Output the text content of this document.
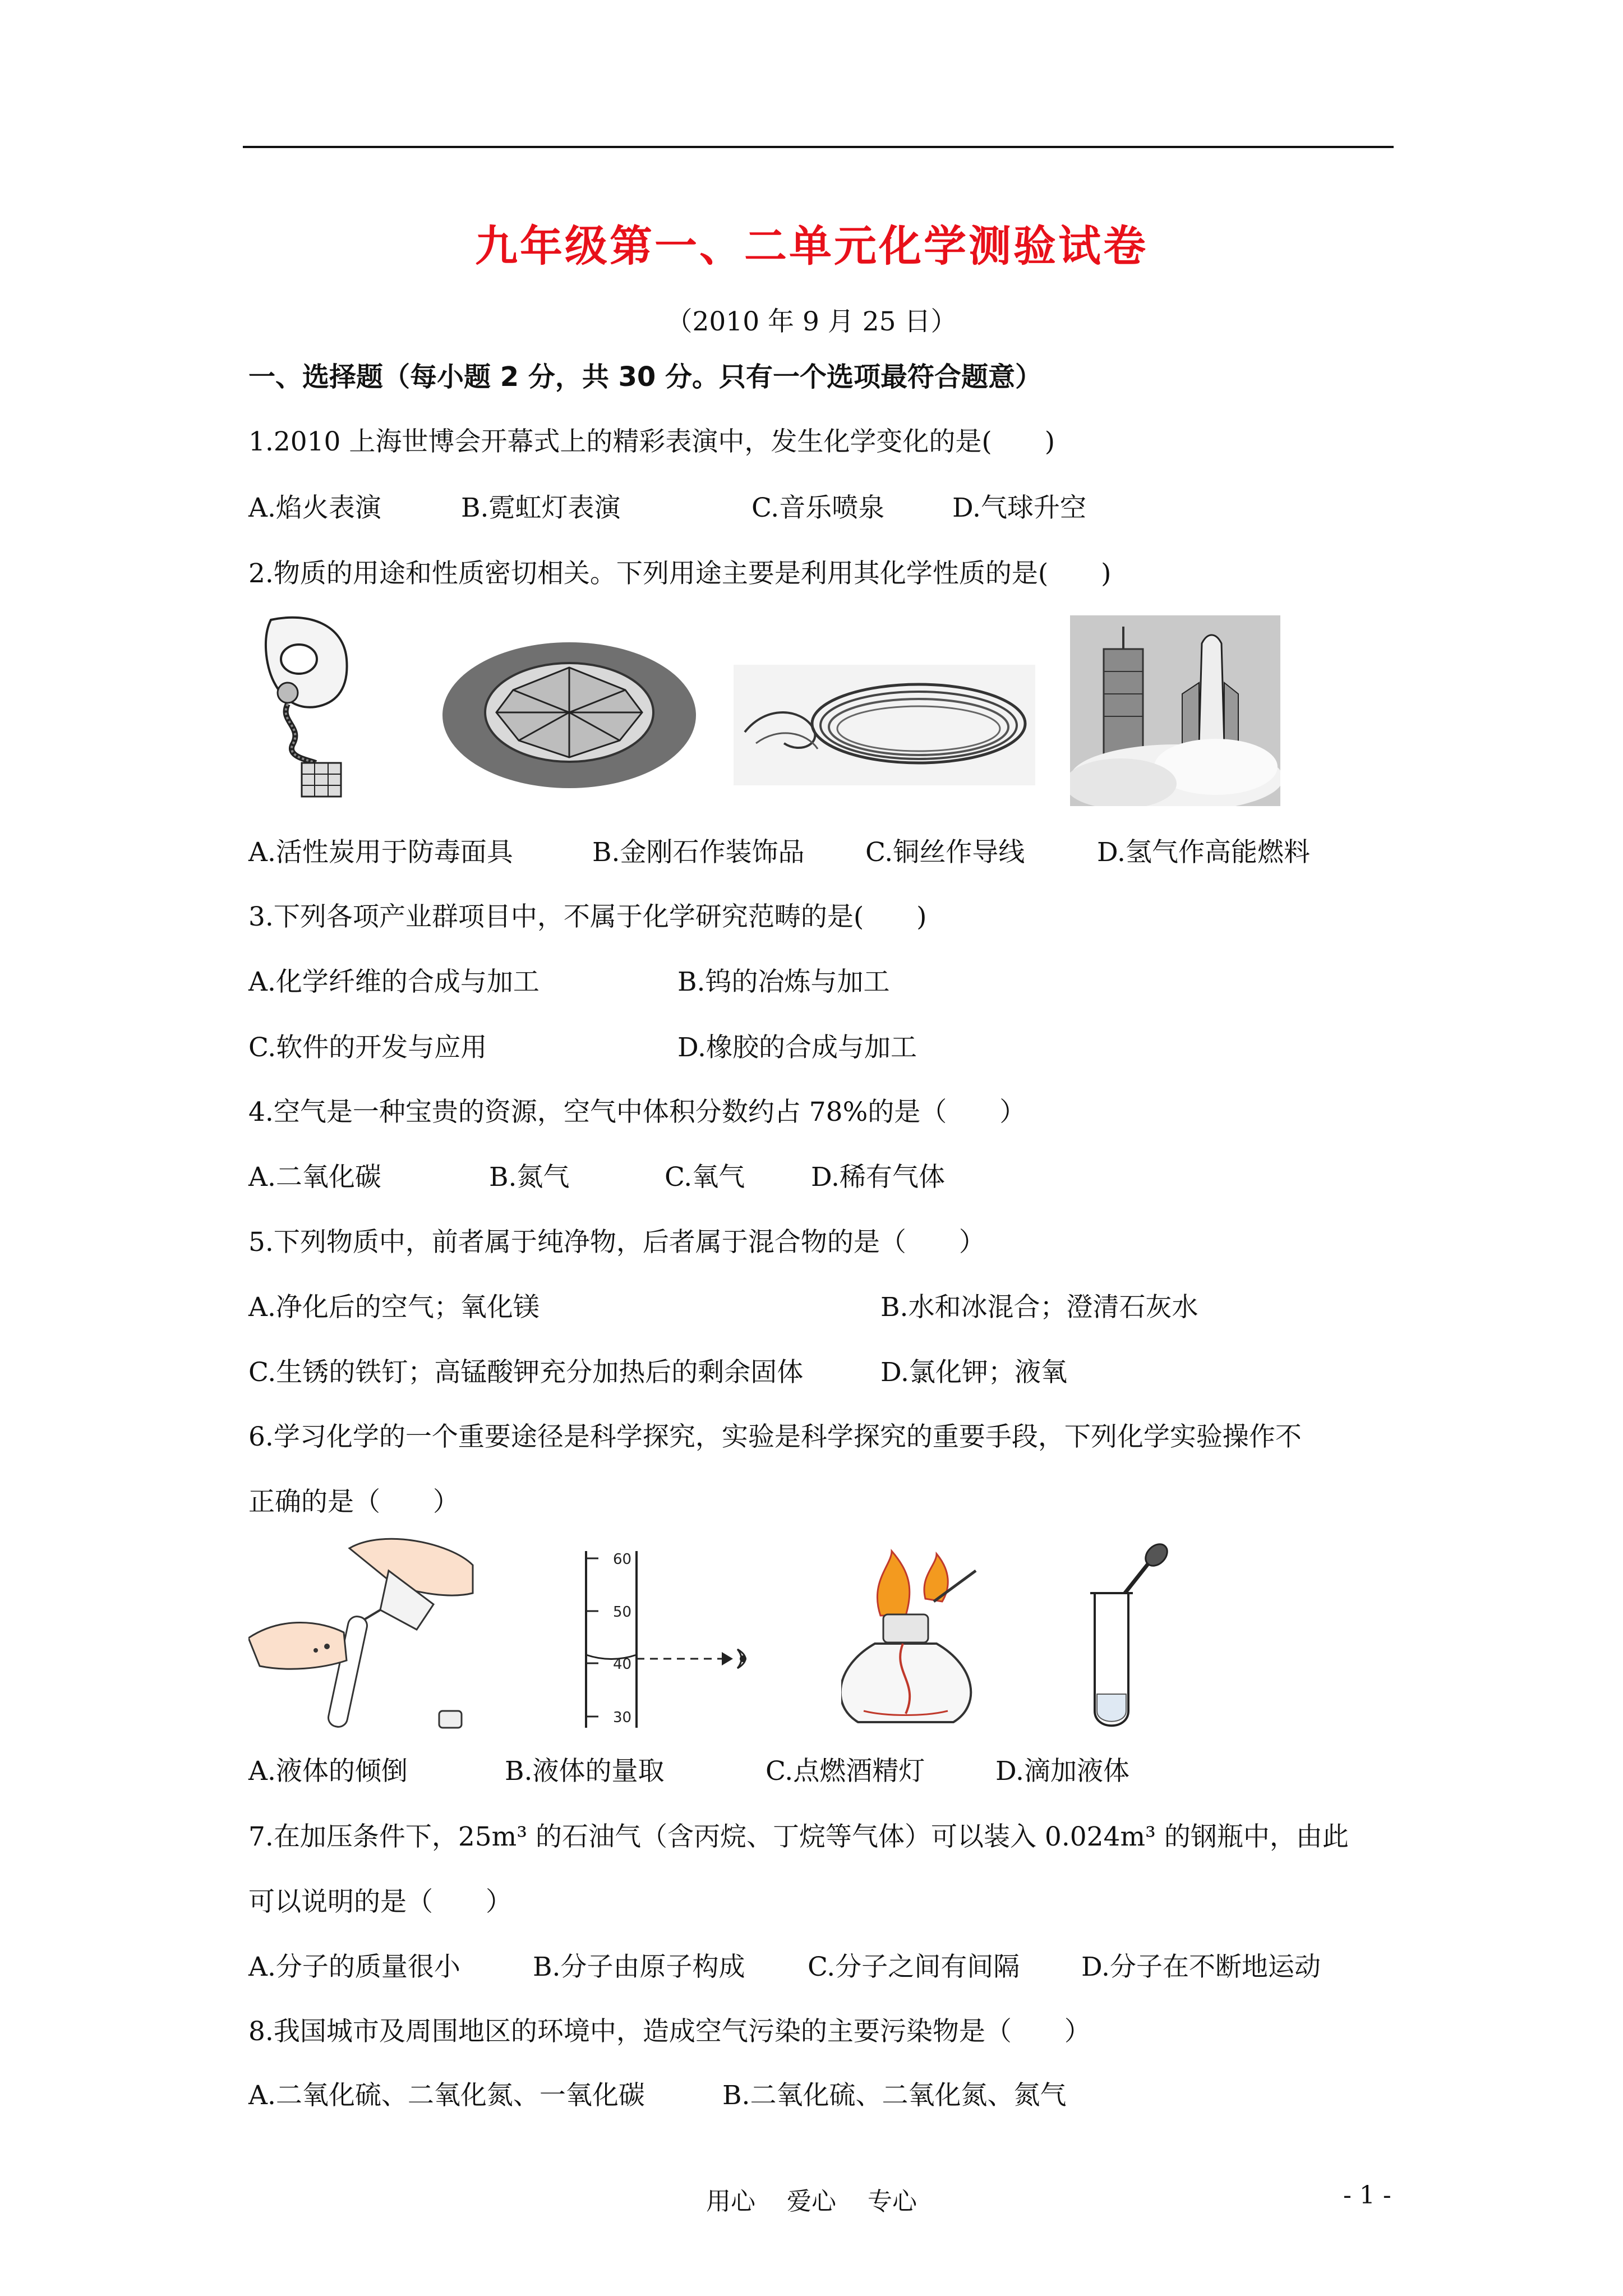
九年级第一、二单元化学测验试卷
（2010 年 9 月 25 日）
一、选择题（每小题 2 分，共 30 分。只有一个选项最符合题意）
1.2010 上海世博会开幕式上的精彩表演中，发生化学变化的是(　　)
A.焰火表演	B.霓虹灯表演	C.音乐喷泉	D.气球升空
2.物质的用途和性质密切相关。下列用途主要是利用其化学性质的是(　　)
A.活性炭用于防毒面具	B.金刚石作装饰品 C.铜丝作导线	D.氢气作高能燃料
3.下列各项产业群项目中，不属于化学研究范畴的是(　　)
A.化学纤维的合成与加工	B.钨的冶炼与加工
C.软件的开发与应用	D.橡胶的合成与加工
4.空气是一种宝贵的资源，空气中体积分数约占 78%的是（　　）
A.二氧化碳	B.氮气	C.氧气	D.稀有气体
5.下列物质中，前者属于纯净物，后者属于混合物的是（　　）
A.净化后的空气；氧化镁	B.水和冰混合；澄清石灰水
C.生锈的铁钉；高锰酸钾充分加热后的剩余固体	D.氯化钾；液氧
6.学习化学的一个重要途径是科学探究，实验是科学探究的重要手段，下列化学实验操作不
正确的是（　　）
60
50
40
30
A.液体的倾倒	B.液体的量取	C.点燃酒精灯	D.滴加液体
7.在加压条件下，25m³ 的石油气（含丙烷、丁烷等气体）可以装入 0.024m³ 的钢瓶中，由此
可以说明的是（　　）
A.分子的质量很小	B.分子由原子构成 C.分子之间有间隔 D.分子在不断地运动
8.我国城市及周围地区的环境中，造成空气污染的主要污染物是（　　）
A.二氧化硫、二氧化氮、一氧化碳	B.二氧化硫、二氧化氮、氮气
用心 爱心 专心	- 1 -
